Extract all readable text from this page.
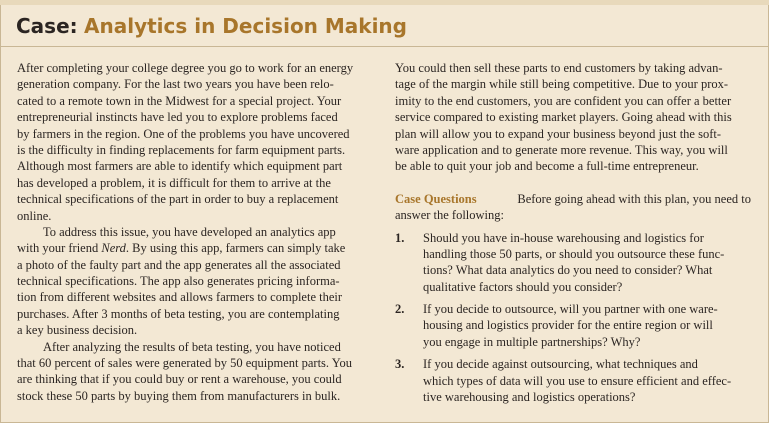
Case: Analytics in Decision Making
After completing your college degree you go to work for an energy
generation company. For the last two years you have been relo-
cated to a remote town in the Midwest for a special project. Your
entrepreneurial instincts have led you to explore problems faced
by farmers in the region. One of the problems you have uncovered
is the difficulty in finding replacements for farm equipment parts.
Although most farmers are able to identify which equipment part
has developed a problem, it is difficult for them to arrive at the
technical specifications of the part in order to buy a replacement
online.
To address this issue, you have developed an analytics app
with your friend Nerd . By using this app, farmers can simply take
a photo of the faulty part and the app generates all the associated
technical specifications. The app also generates pricing informa-
tion from different websites and allows farmers to complete their
purchases. After 3 months of beta testing, you are contemplating
a key business decision.
After analyzing the results of beta testing, you have noticed
that 60 percent of sales were generated by 50 equipment parts. You
are thinking that if you could buy or rent a warehouse, you could
stock these 50 parts by buying them from manufacturers in bulk.
You could then sell these parts to end customers by taking advan-
tage of the margin while still being competitive. Due to your prox-
imity to the end customers, you are confident you can offer a better
service compared to existing market players. Going ahead with this
plan will allow you to expand your business beyond just the soft-
ware application and to generate more revenue. This way, you will
be able to quit your job and become a full-time entrepreneur.
Case Questions	Before going ahead with this plan, you need to
answer the following:
1.	Should you have in-house warehousing and logistics for
handling those 50 parts, or should you outsource these func-
tions? What data analytics do you need to consider? What
qualitative factors should you consider?
2.	If you decide to outsource, will you partner with one ware-
housing and logistics provider for the entire region or will
you engage in multiple partnerships? Why?
3.	If you decide against outsourcing, what techniques and
which types of data will you use to ensure efficient and effec-
tive warehousing and logistics operations?
